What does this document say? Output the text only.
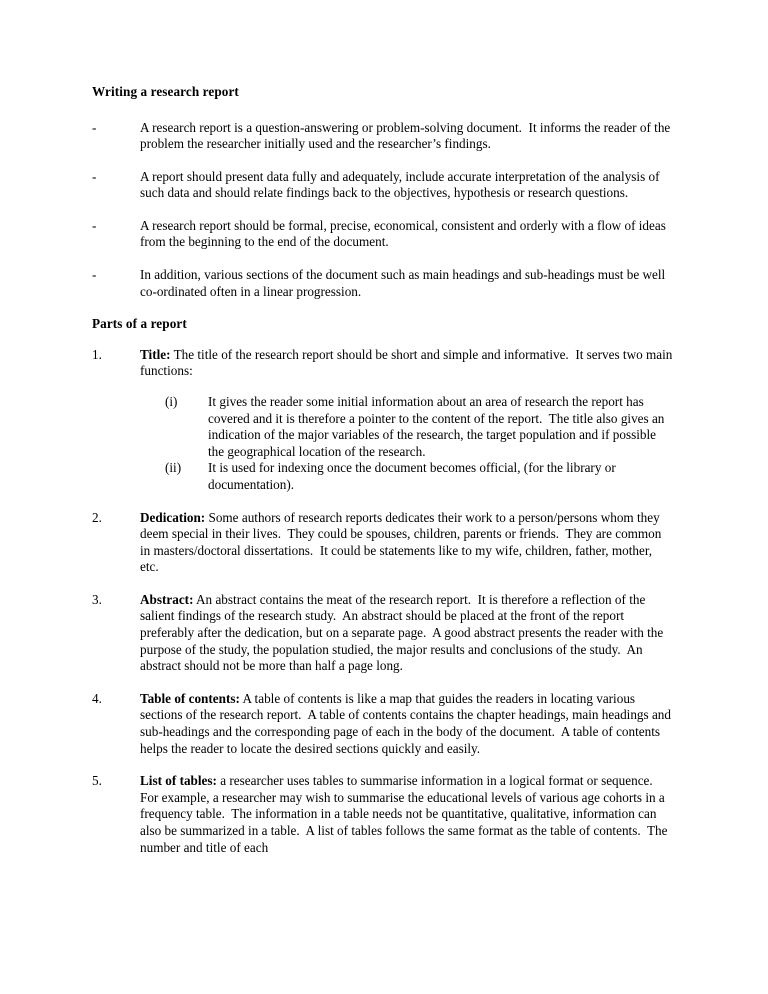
Writing a research report
-	A research report is a question-answering or problem-solving document.  It informs the reader of the problem the researcher initially used and the researcher’s findings.
-	A report should present data fully and adequately, include accurate interpretation of the analysis of such data and should relate findings back to the objectives, hypothesis or research questions.
-	A research report should be formal, precise, economical, consistent and orderly with a flow of ideas from the beginning to the end of the document.
-	In addition, various sections of the document such as main headings and sub-headings must be well co-ordinated often in a linear progression.
Parts of a report
1.	Title: The title of the research report should be short and simple and informative.  It serves two main functions:
(i)	It gives the reader some initial information about an area of research the report has covered and it is therefore a pointer to the content of the report.  The title also gives an indication of the major variables of the research, the target population and if possible the geographical location of the research.
(ii)	It is used for indexing once the document becomes official, (for the library or documentation).
2.	Dedication: Some authors of research reports dedicates their work to a person/persons whom they deem special in their lives.  They could be spouses, children, parents or friends.  They are common in masters/doctoral dissertations.  It could be statements like to my wife, children, father, mother, etc.
3.	Abstract: An abstract contains the meat of the research report.  It is therefore a reflection of the salient findings of the research study.  An abstract should be placed at the front of the report preferably after the dedication, but on a separate page.  A good abstract presents the reader with the purpose of the study, the population studied, the major results and conclusions of the study.  An abstract should not be more than half a page long.
4.	Table of contents: A table of contents is like a map that guides the readers in locating various sections of the research report.  A table of contents contains the chapter headings, main headings and sub-headings and the corresponding page of each in the body of the document.  A table of contents helps the reader to locate the desired sections quickly and easily.
5.	List of tables: a researcher uses tables to summarise information in a logical format or sequence.  For example, a researcher may wish to summarise the educational levels of various age cohorts in a frequency table.  The information in a table needs not be quantitative, qualitative, information can also be summarized in a table.  A list of tables follows the same format as the table of contents.  The number and title of each
